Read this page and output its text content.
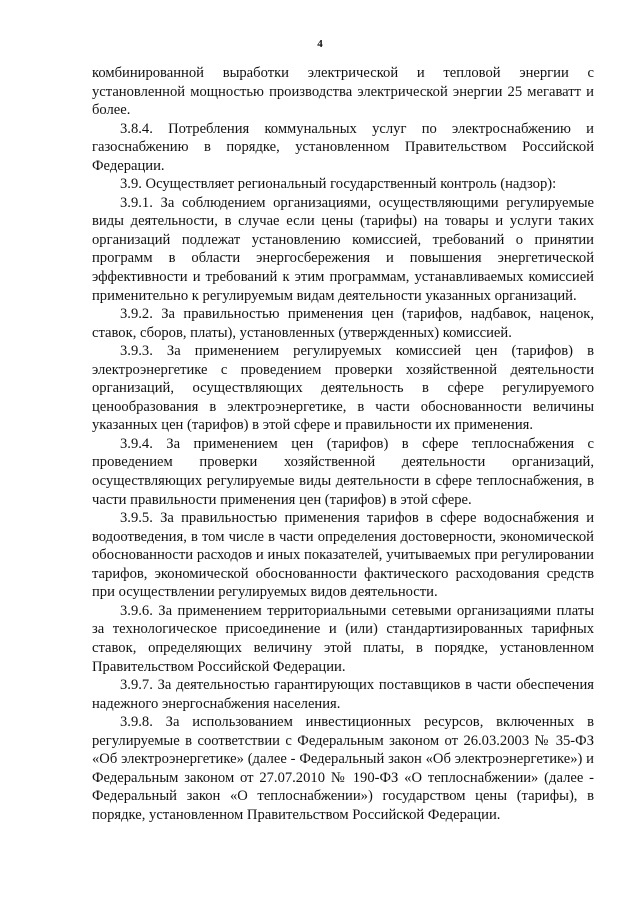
4

комбинированной выработки электрической и тепловой энергии с установленной мощностью производства электрической энергии 25 мегаватт и более.

3.8.4. Потребления коммунальных услуг по электроснабжению и газоснабжению в порядке, установленном Правительством Российской Федерации.

3.9. Осуществляет региональный государственный контроль (надзор):

3.9.1. За соблюдением организациями, осуществляющими регулируемые виды деятельности, в случае если цены (тарифы) на товары и услуги таких организаций подлежат установлению комиссией, требований о принятии программ в области энергосбережения и повышения энергетической эффективности и требований к этим программам, устанавливаемых комиссией применительно к регулируемым видам деятельности указанных организаций.

3.9.2. За правильностью применения цен (тарифов, надбавок, наценок, ставок, сборов, платы), установленных (утвержденных) комиссией.

3.9.3. За применением регулируемых комиссией цен (тарифов) в электроэнергетике с проведением проверки хозяйственной деятельности организаций, осуществляющих деятельность в сфере регулируемого ценообразования в электроэнергетике, в части обоснованности величины указанных цен (тарифов) в этой сфере и правильности их применения.

3.9.4. За применением цен (тарифов) в сфере теплоснабжения с проведением проверки хозяйственной деятельности организаций, осуществляющих регулируемые виды деятельности в сфере теплоснабжения, в части правильности применения цен (тарифов) в этой сфере.

3.9.5. За правильностью применения тарифов в сфере водоснабжения и водоотведения, в том числе в части определения достоверности, экономической обоснованности расходов и иных показателей, учитываемых при регулировании тарифов, экономической обоснованности фактического расходования средств при осуществлении регулируемых видов деятельности.

3.9.6. За применением территориальными сетевыми организациями платы за технологическое присоединение и (или) стандартизированных тарифных ставок, определяющих величину этой платы, в порядке, установленном Правительством Российской Федерации.

3.9.7. За деятельностью гарантирующих поставщиков в части обеспечения надежного энергоснабжения населения.

3.9.8. За использованием инвестиционных ресурсов, включенных в регулируемые в соответствии с Федеральным законом от 26.03.2003 № 35-ФЗ «Об электроэнергетике» (далее - Федеральный закон «Об электроэнергетике») и Федеральным законом от 27.07.2010 № 190-ФЗ «О теплоснабжении» (далее - Федеральный закон «О теплоснабжении») государством цены (тарифы), в порядке, установленном Правительством Российской Федерации.
